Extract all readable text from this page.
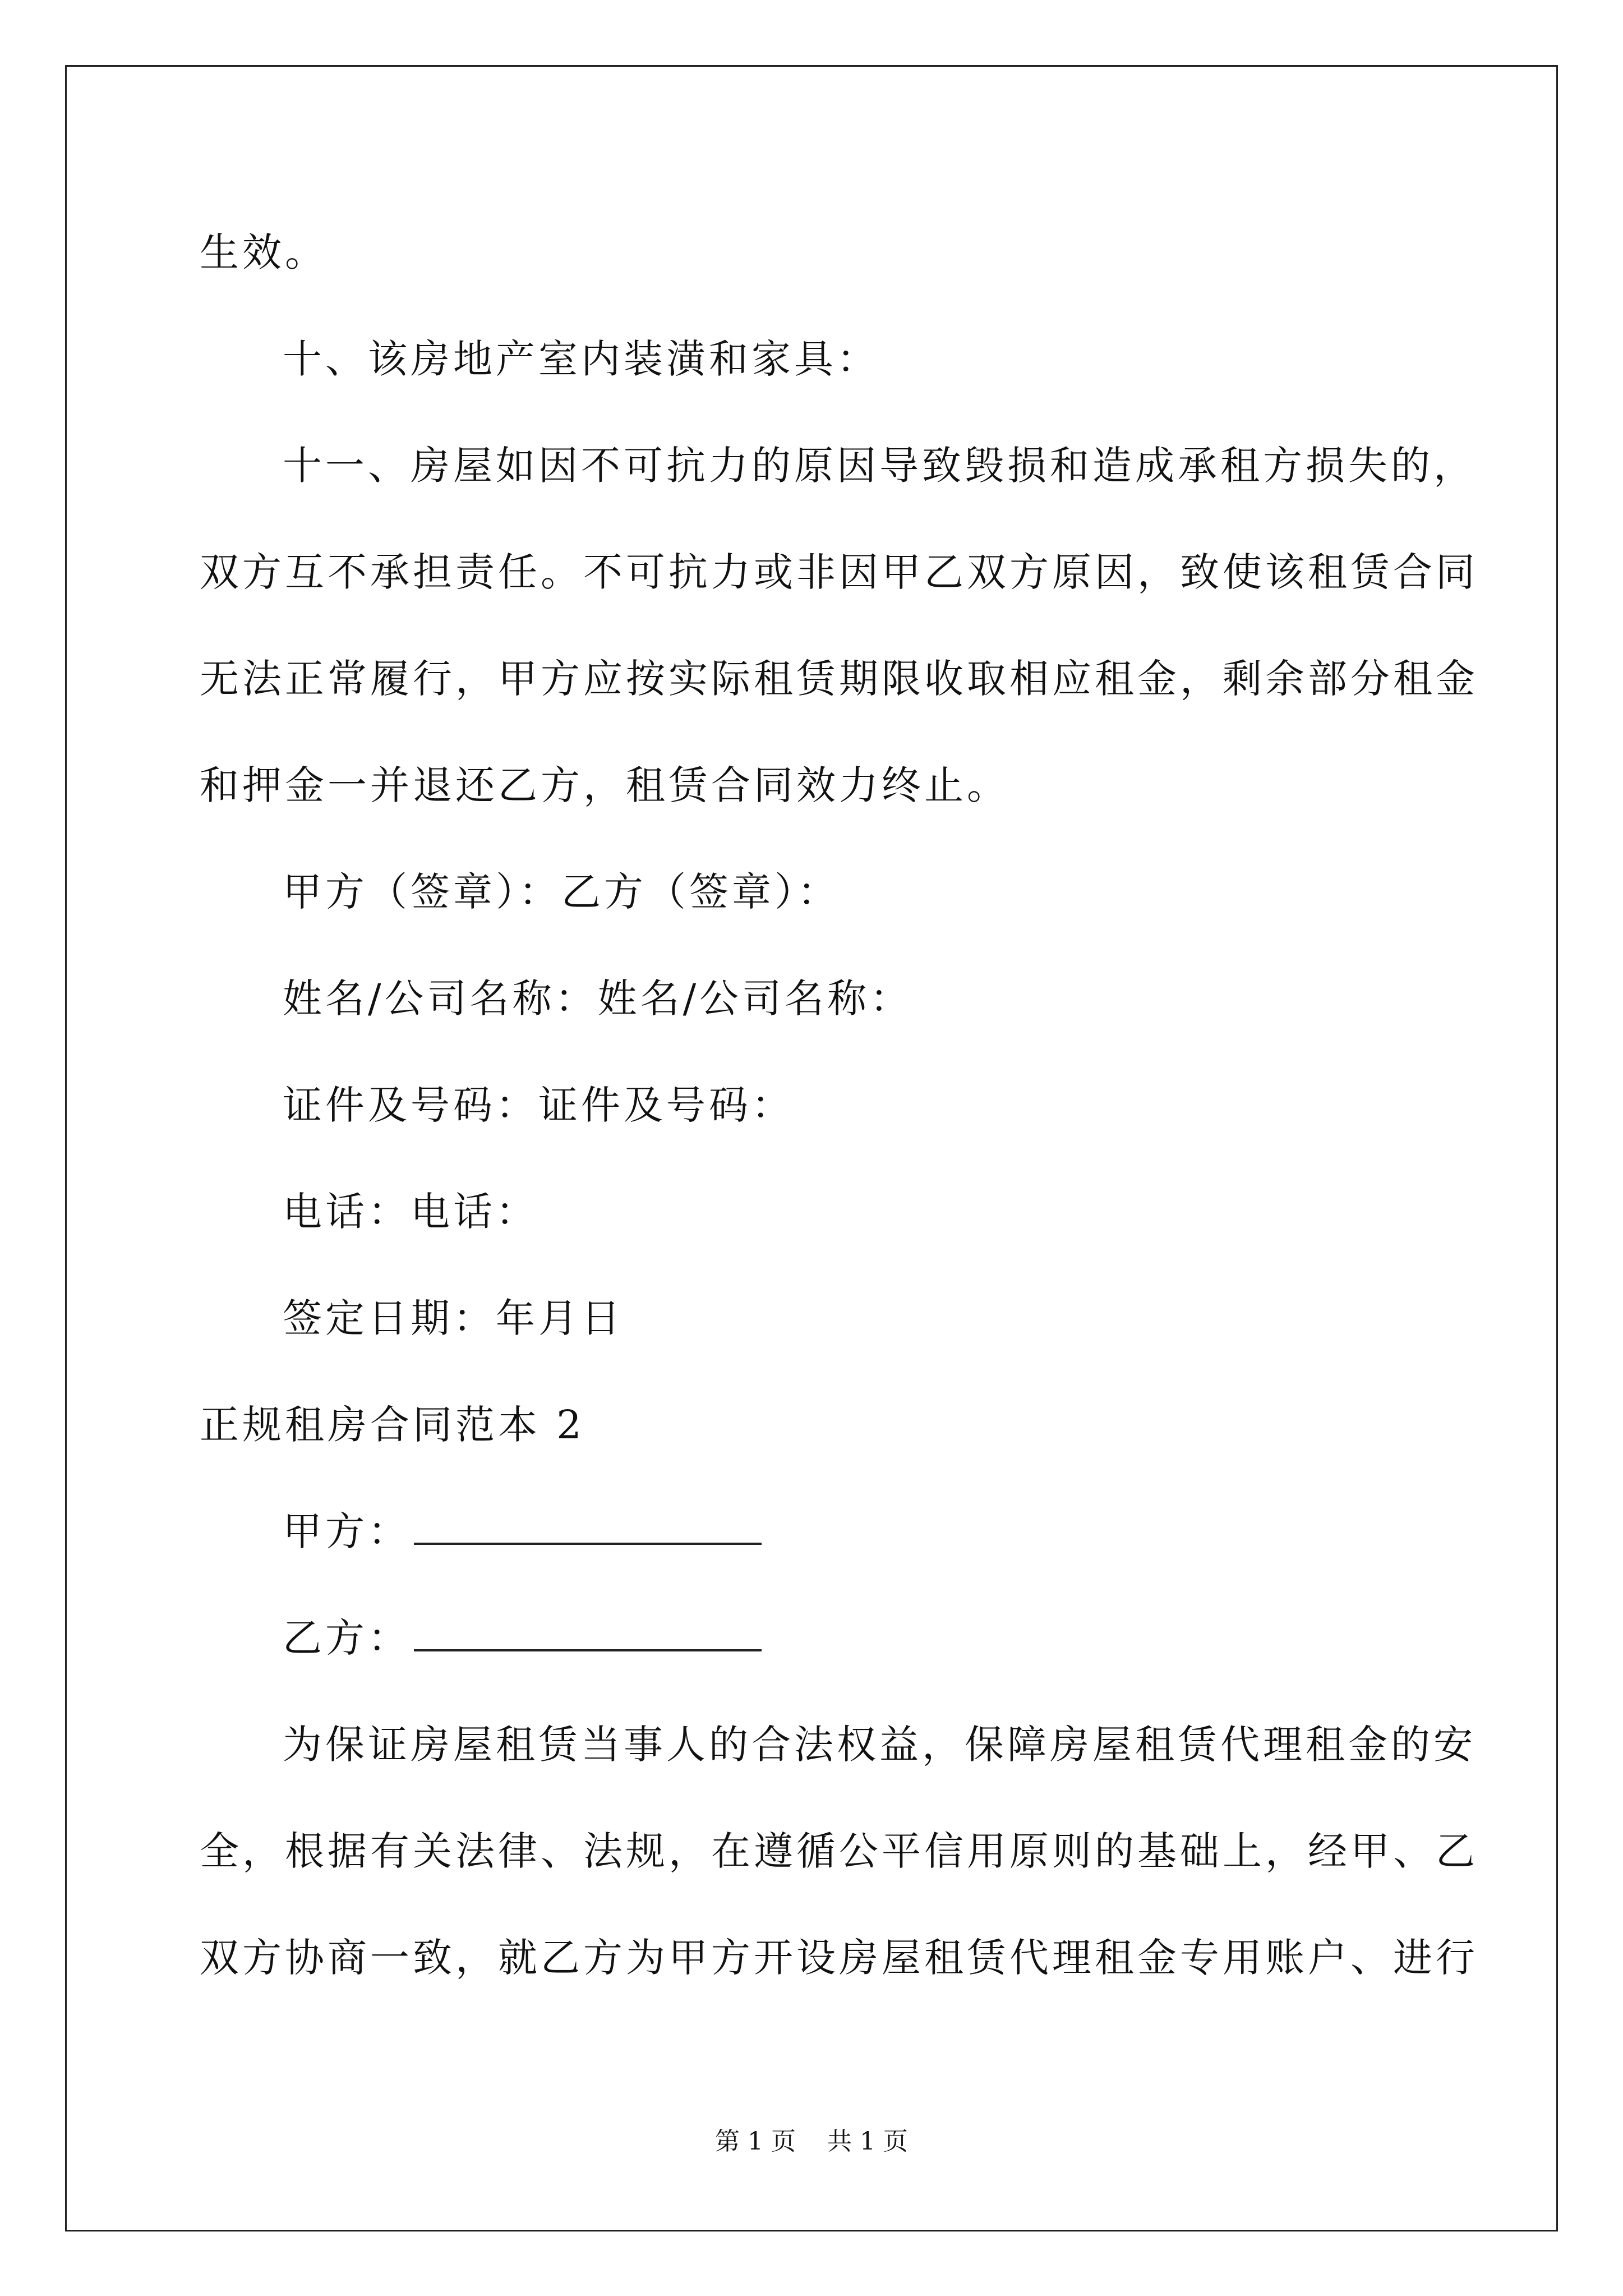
生效。
十、该房地产室内装潢和家具：
十一、房屋如因不可抗力的原因导致毁损和造成承租方损失的，
双方互不承担责任。不可抗力或非因甲乙双方原因，致使该租赁合同
无法正常履行，甲方应按实际租赁期限收取相应租金，剩余部分租金
和押金一并退还乙方，租赁合同效力终止。
甲方（签章）：乙方（签章）：
姓名/公司名称：姓名/公司名称：
证件及号码：证件及号码：
电话：电话：
签定日期：年月日
正规租房合同范本 2
甲方：
乙方：
为保证房屋租赁当事人的合法权益，保障房屋租赁代理租金的安
全，根据有关法律、法规，在遵循公平信用原则的基础上，经甲、乙
双方协商一致，就乙方为甲方开设房屋租赁代理租金专用账户、进行
第 1 页    共 1 页
